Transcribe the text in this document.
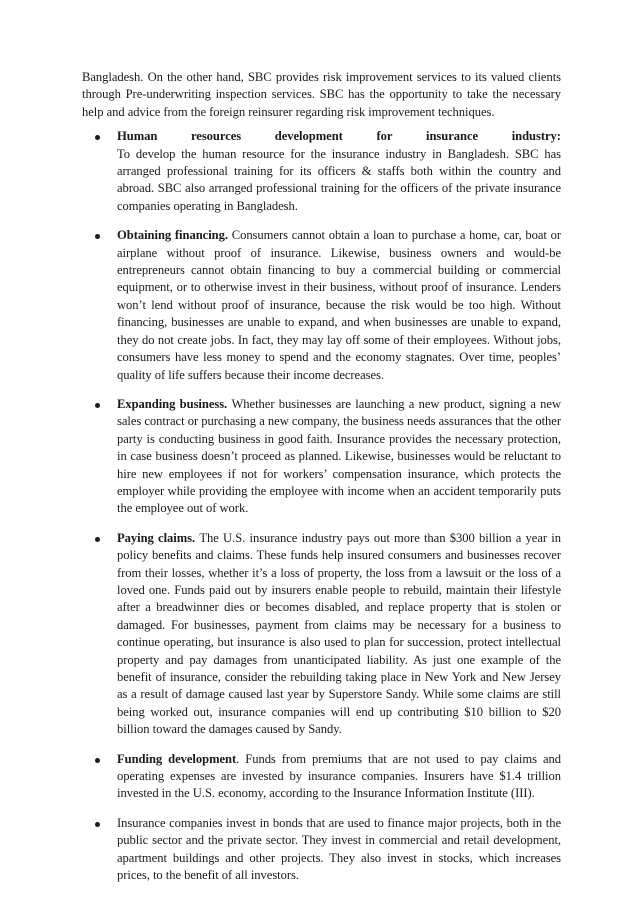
Bangladesh. On the other hand, SBC provides risk improvement services to its valued clients through Pre-underwriting inspection services. SBC has the opportunity to take the necessary help and advice from the foreign reinsurer regarding risk improvement techniques.

Human	resources	development	for	insurance	industry:
To develop the human resource for the insurance industry in Bangladesh. SBC has arranged professional training for its officers & staffs both within the country and abroad. SBC also arranged professional training for the officers of the private insurance companies operating in Bangladesh.
Obtaining financing. Consumers cannot obtain a loan to purchase a home, car, boat or airplane without proof of insurance. Likewise, business owners and would-be entrepreneurs cannot obtain financing to buy a commercial building or commercial equipment, or to otherwise invest in their business, without proof of insurance. Lenders won’t lend without proof of insurance, because the risk would be too high. Without financing, businesses are unable to expand, and when businesses are unable to expand, they do not create jobs. In fact, they may lay off some of their employees. Without jobs, consumers have less money to spend and the economy stagnates. Over time, peoples’ quality of life suffers because their income decreases.
Expanding business. Whether businesses are launching a new product, signing a new sales contract or purchasing a new company, the business needs assurances that the other party is conducting business in good faith. Insurance provides the necessary protection, in case business doesn’t proceed as planned. Likewise, businesses would be reluctant to hire new employees if not for workers’ compensation insurance, which protects the employer while providing the employee with income when an accident temporarily puts the employee out of work.
Paying claims. The U.S. insurance industry pays out more than $300 billion a year in policy benefits and claims. These funds help insured consumers and businesses recover from their losses, whether it’s a loss of property, the loss from a lawsuit or the loss of a loved one. Funds paid out by insurers enable people to rebuild, maintain their lifestyle after a breadwinner dies or becomes disabled, and replace property that is stolen or damaged. For businesses, payment from claims may be necessary for a business to continue operating, but insurance is also used to plan for succession, protect intellectual property and pay damages from unanticipated liability. As just one example of the benefit of insurance, consider the rebuilding taking place in New York and New Jersey as a result of damage caused last year by Superstore Sandy. While some claims are still being worked out, insurance companies will end up contributing $10 billion to $20 billion toward the damages caused by Sandy.
Funding development. Funds from premiums that are not used to pay claims and operating expenses are invested by insurance companies. Insurers have $1.4 trillion invested in the U.S. economy, according to the Insurance Information Institute (III).
Insurance companies invest in bonds that are used to finance major projects, both in the public sector and the private sector. They invest in commercial and retail development, apartment buildings and other projects. They also invest in stocks, which increases prices, to the benefit of all investors.
